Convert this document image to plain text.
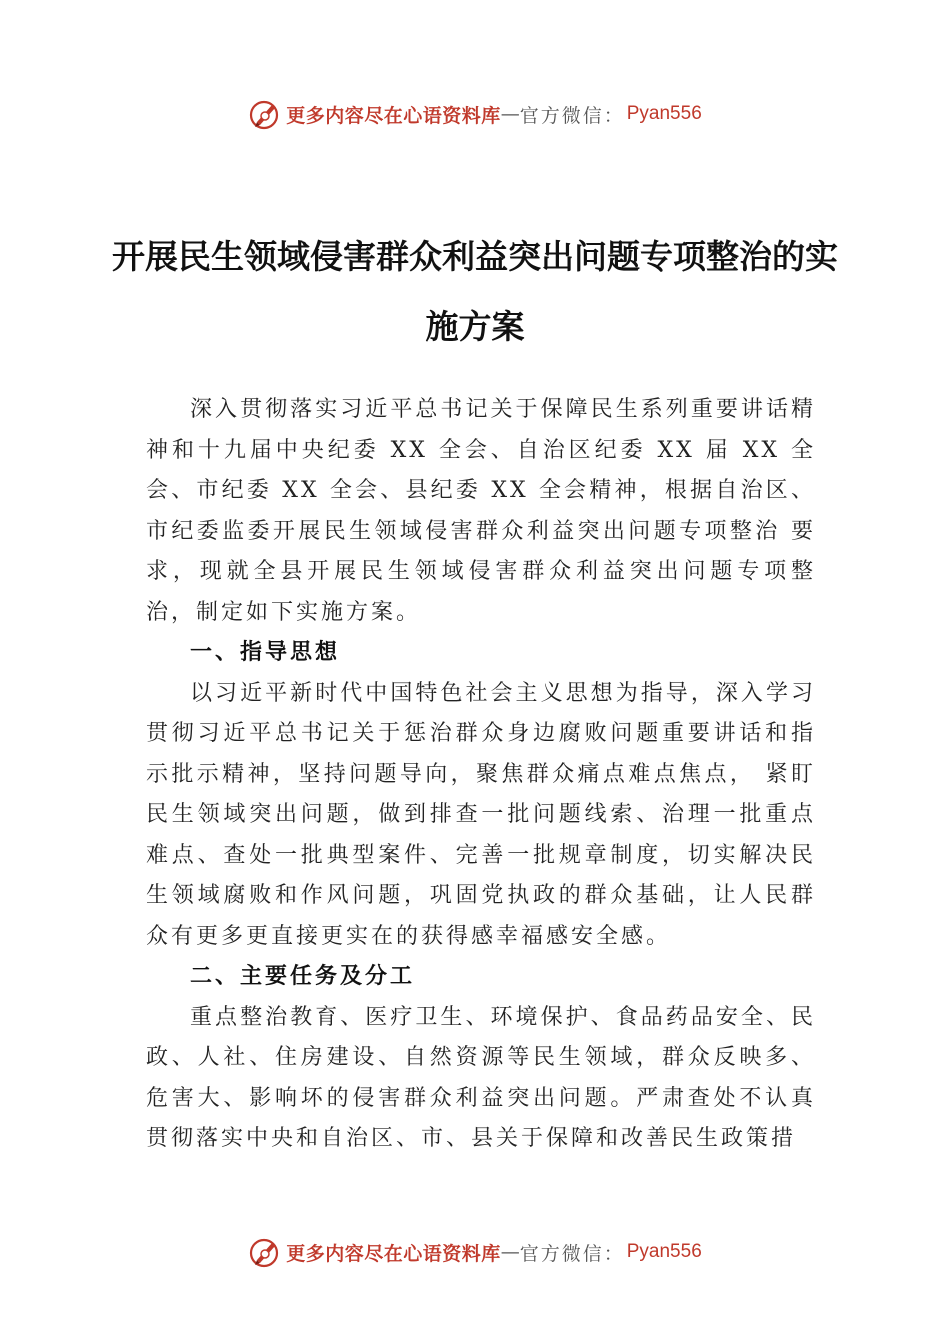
更多内容尽在心语资料库 — 官方微信： Pyan556
开展民生领域侵害群众利益突出问题专项整治的实施方案

深入贯彻落实习近平总书记关于保障民生系列重要讲话精神和十九届中央纪委 XX 全会、自治区纪委 XX 届 XX 全会、市纪委 XX 全会、县纪委 XX 全会精神，根据自治区、市纪委监委开展民生领域侵害群众利益突出问题专项整治 要求，现就全县开展民生领域侵害群众利益突出问题专项整治，制定如下实施方案。

一、指导思想

以习近平新时代中国特色社会主义思想为指导，深入学习贯彻习近平总书记关于惩治群众身边腐败问题重要讲话和指示批示精神，坚持问题导向，聚焦群众痛点难点焦点， 紧盯民生领域突出问题，做到排查一批问题线索、治理一批重点难点、查处一批典型案件、完善一批规章制度，切实解决民生领域腐败和作风问题，巩固党执政的群众基础，让人民群众有更多更直接更实在的获得感幸福感安全感。

二、主要任务及分工

重点整治教育、医疗卫生、环境保护、食品药品安全、民政、人社、住房建设、自然资源等民生领域，群众反映多、危害大、影响坏的侵害群众利益突出问题。严肃查处不认真贯彻落实中央和自治区、市、县关于保障和改善民生政策措

更多内容尽在心语资料库 — 官方微信： Pyan556
